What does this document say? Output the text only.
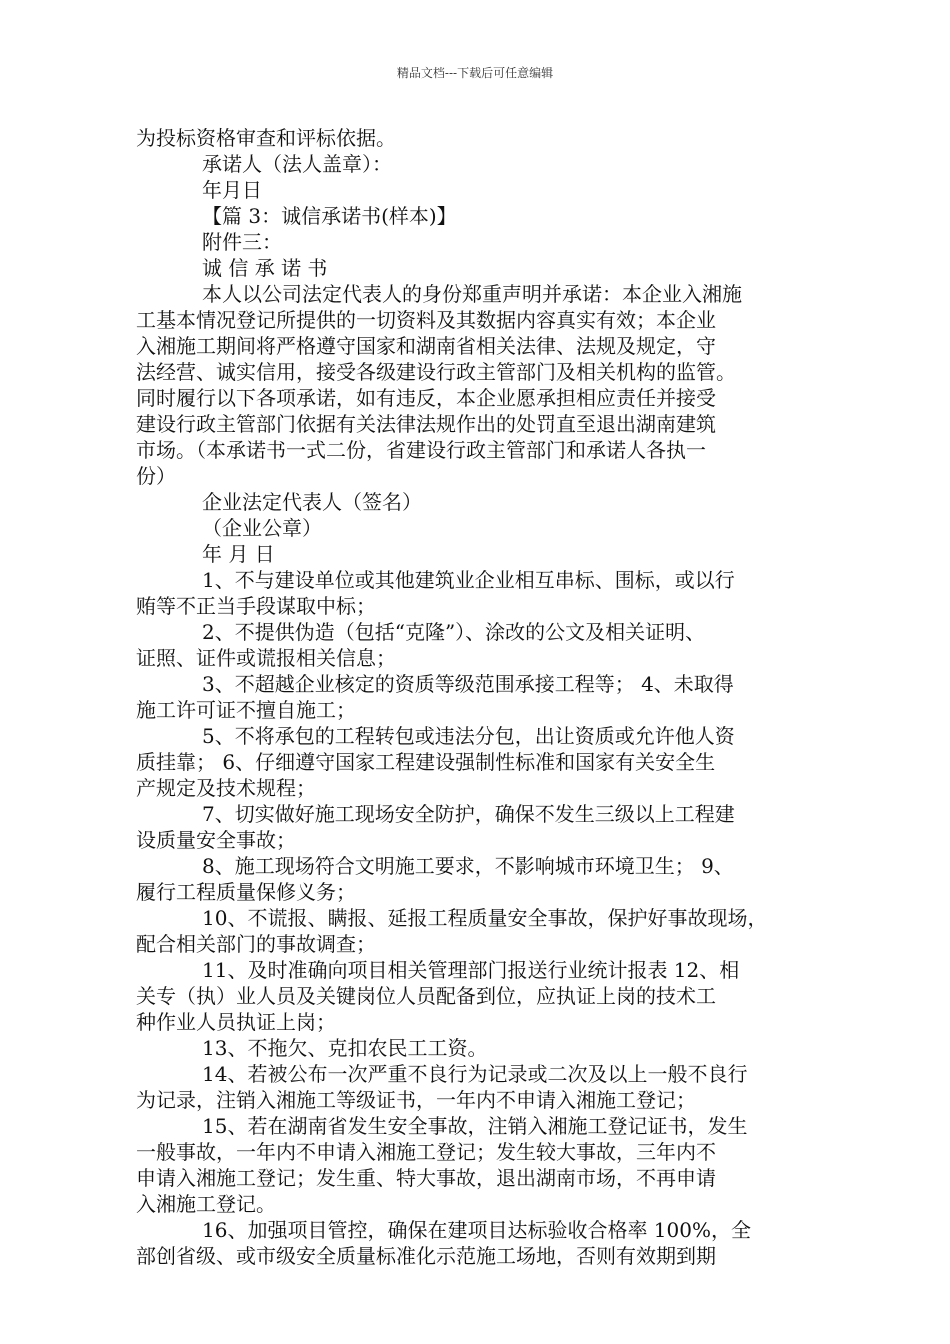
精品文档---下载后可任意编辑
为投标资格审查和评标依据。
承诺人（法人盖章）：
年月日
【篇 3：诚信承诺书(样本)】
附件三：
诚 信 承 诺 书
本人以公司法定代表人的身份郑重声明并承诺：本企业入湘施
工基本情况登记所提供的一切资料及其数据内容真实有效；本企业
入湘施工期间将严格遵守国家和湖南省相关法律、法规及规定，守
法经营、诚实信用，接受各级建设行政主管部门及相关机构的监管。
同时履行以下各项承诺，如有违反，本企业愿承担相应责任并接受
建设行政主管部门依据有关法律法规作出的处罚直至退出湖南建筑
市场。（本承诺书一式二份，省建设行政主管部门和承诺人各执一
份）
企业法定代表人（签名）
（企业公章）
年 月 日
1、不与建设单位或其他建筑业企业相互串标、围标，或以行
贿等不正当手段谋取中标；
2、不提供伪造（包括“克隆”）、涂改的公文及相关证明、
证照、证件或谎报相关信息；
3、不超越企业核定的资质等级范围承接工程等； 4、未取得
施工许可证不擅自施工；
5、不将承包的工程转包或违法分包，出让资质或允许他人资
质挂靠； 6、仔细遵守国家工程建设强制性标准和国家有关安全生
产规定及技术规程；
7、切实做好施工现场安全防护，确保不发生三级以上工程建
设质量安全事故；
8、施工现场符合文明施工要求，不影响城市环境卫生； 9、
履行工程质量保修义务；
10、不谎报、瞒报、延报工程质量安全事故，保护好事故现场，
配合相关部门的事故调查；
11、及时准确向项目相关管理部门报送行业统计报表 12、相
关专（执）业人员及关键岗位人员配备到位，应执证上岗的技术工
种作业人员执证上岗；
13、不拖欠、克扣农民工工资。
14、若被公布一次严重不良行为记录或二次及以上一般不良行
为记录，注销入湘施工等级证书，一年内不申请入湘施工登记；
15、若在湖南省发生安全事故，注销入湘施工登记证书，发生
一般事故，一年内不申请入湘施工登记；发生较大事故，三年内不
申请入湘施工登记；发生重、特大事故，退出湖南市场，不再申请
入湘施工登记。
16、加强项目管控，确保在建项目达标验收合格率 100%，全
部创省级、或市级安全质量标准化示范施工场地，否则有效期到期
